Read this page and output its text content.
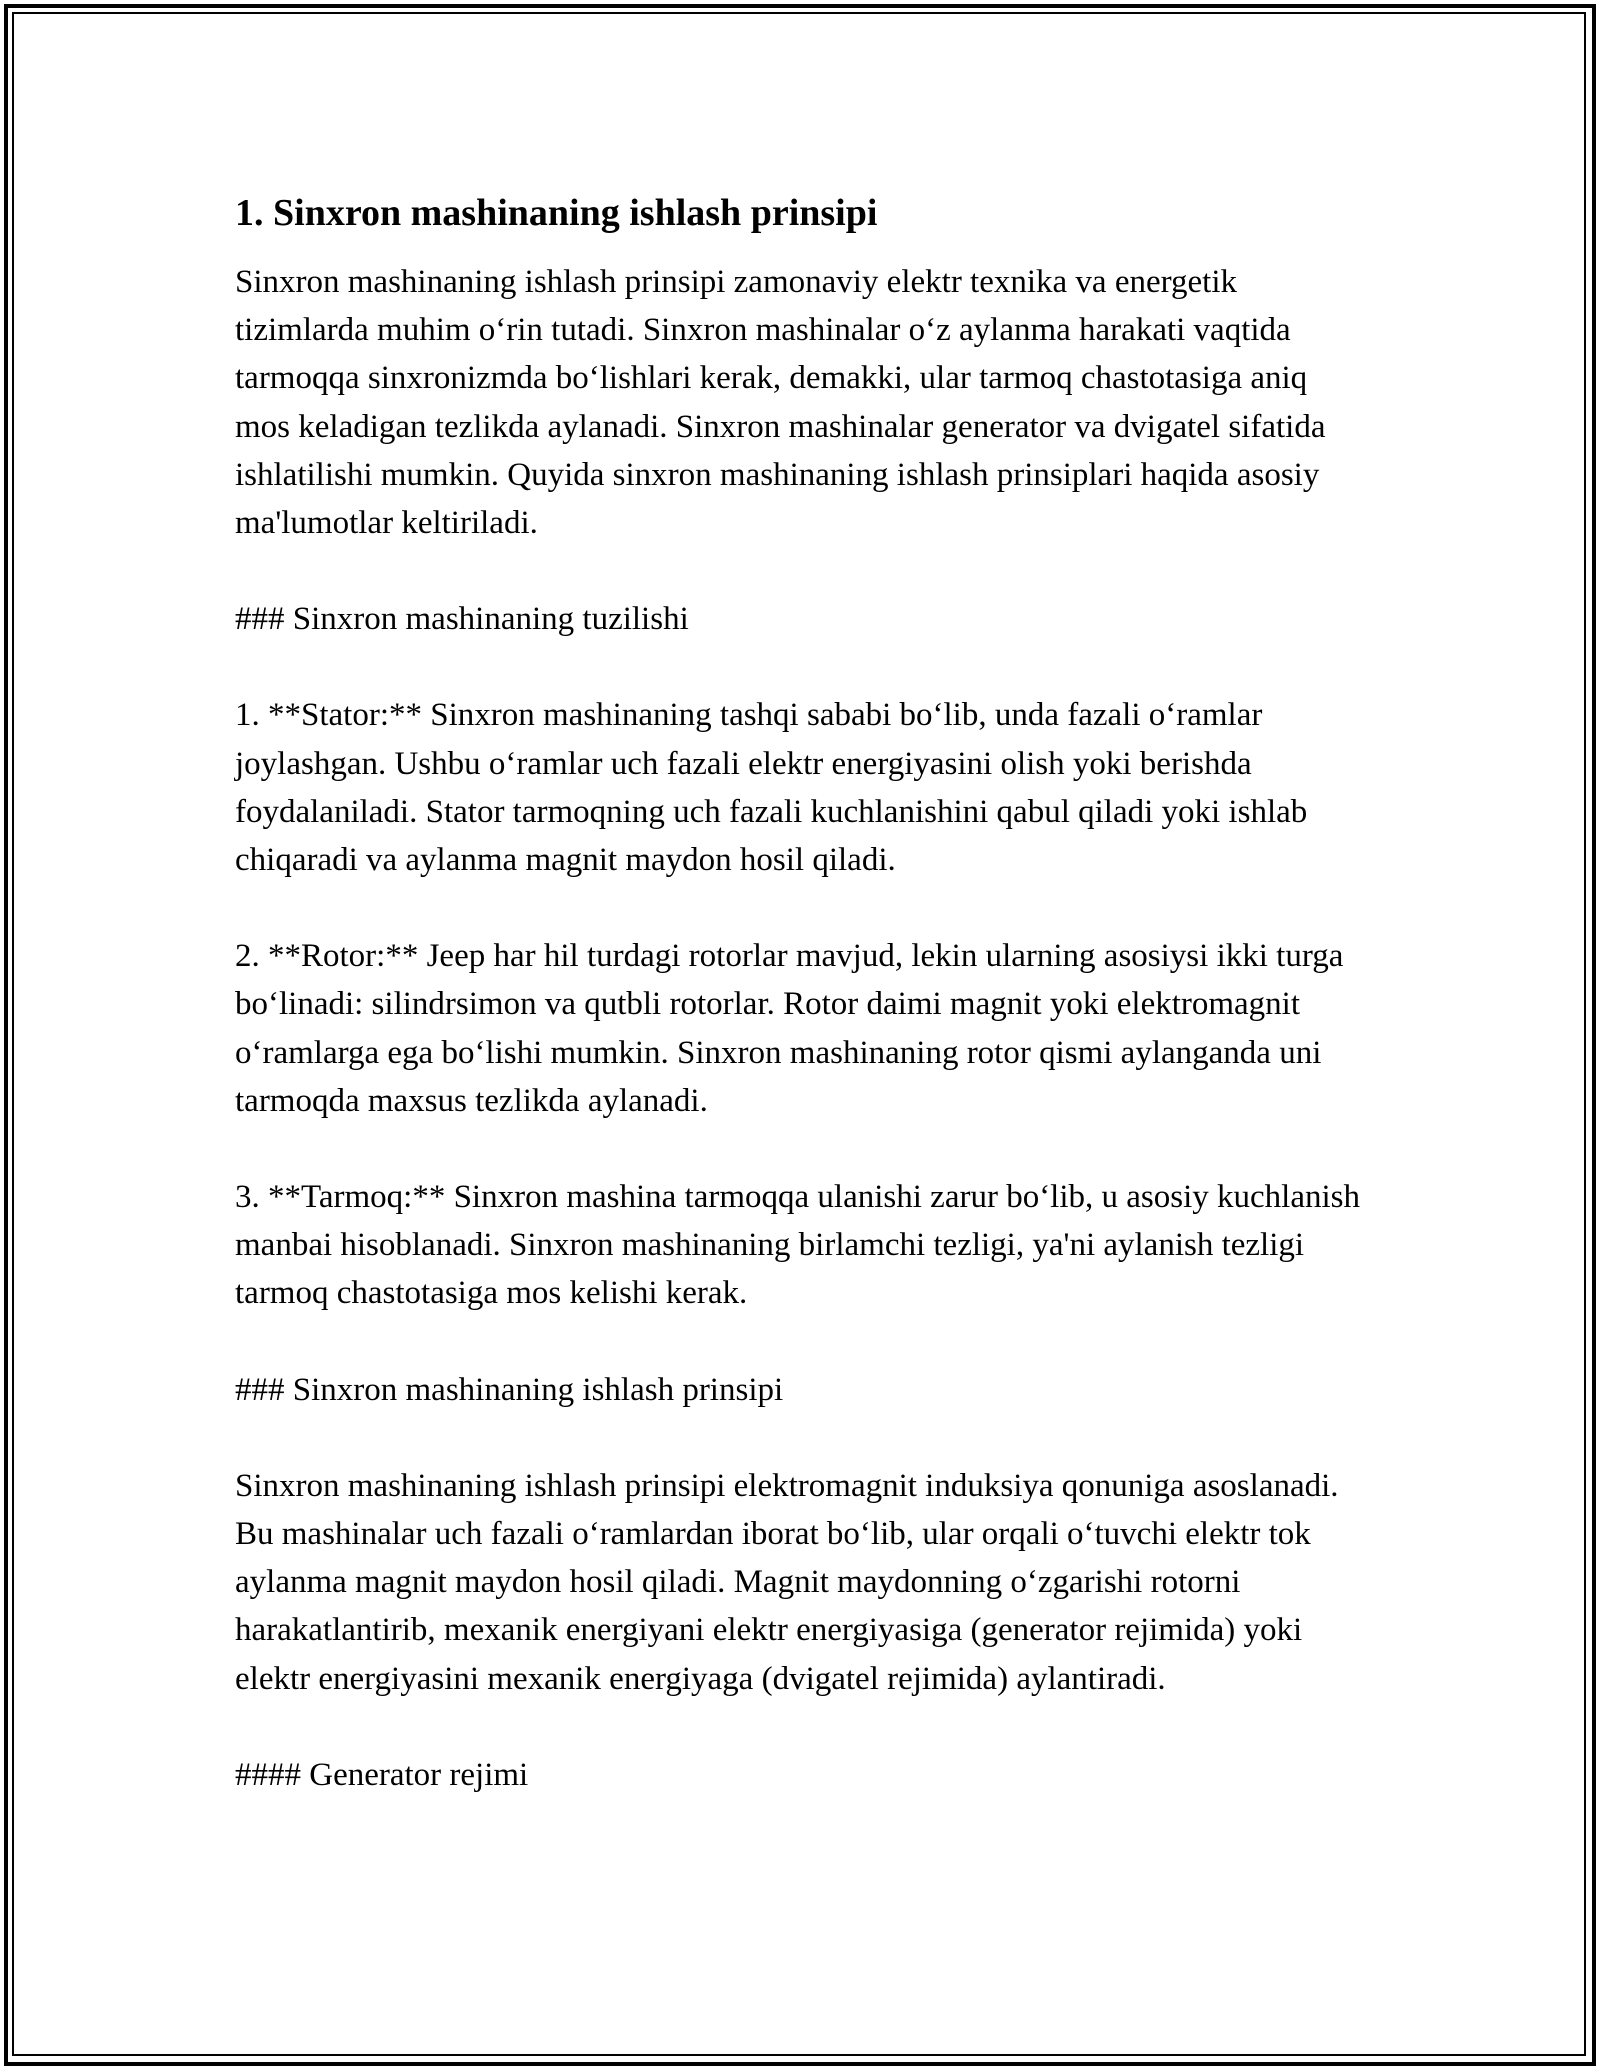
1. Sinxron mashinaning ishlash prinsipi

Sinxron mashinaning ishlash prinsipi zamonaviy elektr texnika va energetik tizimlarda muhim o‘rin tutadi. Sinxron mashinalar o‘z aylanma harakati vaqtida tarmoqqa sinxronizmda bo‘lishlari kerak, demakki, ular tarmoq chastotasiga aniq mos keladigan tezlikda aylanadi. Sinxron mashinalar generator va dvigatel sifatida ishlatilishi mumkin. Quyida sinxron mashinaning ishlash prinsiplari haqida asosiy ma'lumotlar keltiriladi.

### Sinxron mashinaning tuzilishi

1. **Stator:** Sinxron mashinaning tashqi sababi bo‘lib, unda fazali o‘ramlar joylashgan. Ushbu o‘ramlar uch fazali elektr energiyasini olish yoki berishda foydalaniladi. Stator tarmoqning uch fazali kuchlanishini qabul qiladi yoki ishlab chiqaradi va aylanma magnit maydon hosil qiladi.

2. **Rotor:** Jeep har hil turdagi rotorlar mavjud, lekin ularning asosiysi ikki turga bo‘linadi: silindrsimon va qutbli rotorlar. Rotor daimi magnit yoki elektromagnit o‘ramlarga ega bo‘lishi mumkin. Sinxron mashinaning rotor qismi aylanganda uni tarmoqda maxsus tezlikda aylanadi.

3. **Tarmoq:** Sinxron mashina tarmoqqa ulanishi zarur bo‘lib, u asosiy kuchlanish manbai hisoblanadi. Sinxron mashinaning birlamchi tezligi, ya'ni aylanish tezligi tarmoq chastotasiga mos kelishi kerak.

### Sinxron mashinaning ishlash prinsipi

Sinxron mashinaning ishlash prinsipi elektromagnit induksiya qonuniga asoslanadi. Bu mashinalar uch fazali o‘ramlardan iborat bo‘lib, ular orqali o‘tuvchi elektr tok aylanma magnit maydon hosil qiladi. Magnit maydonning o‘zgarishi rotorni harakatlantirib, mexanik energiyani elektr energiyasiga (generator rejimida) yoki elektr energiyasini mexanik energiyaga (dvigatel rejimida) aylantiradi.

#### Generator rejimi
